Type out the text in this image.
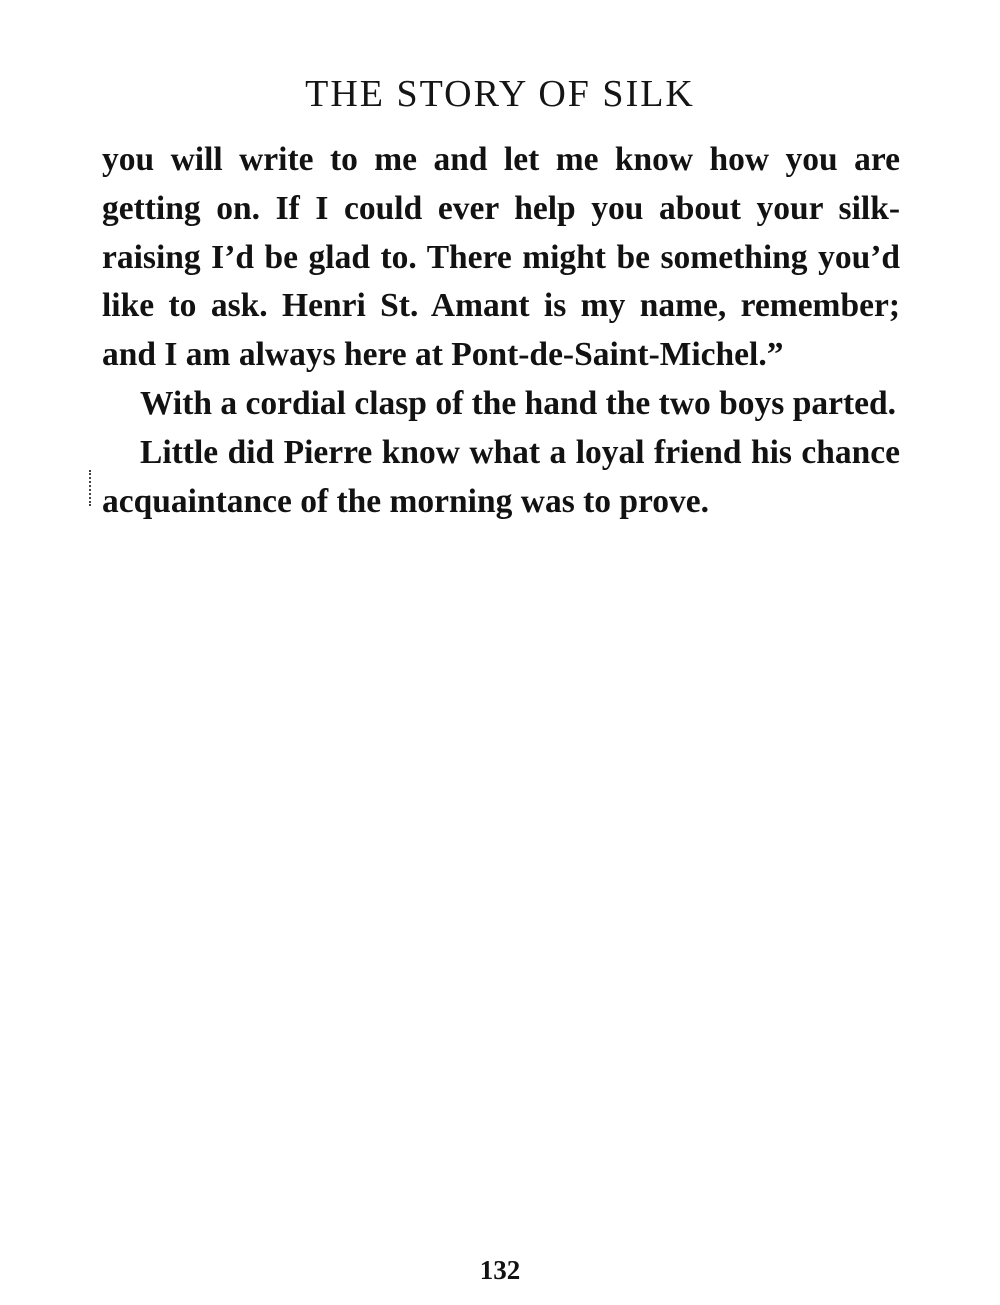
THE STORY OF SILK

you will write to me and let me know how you are getting on. If I could ever help you about your silk-raising I’d be glad to. There might be something you’d like to ask. Henri St. Amant is my name, remember; and I am always here at Pont-de-Saint-Michel.”

With a cordial clasp of the hand the two boys parted.

Little did Pierre know what a loyal friend his chance acquaintance of the morning was to prove.

132
